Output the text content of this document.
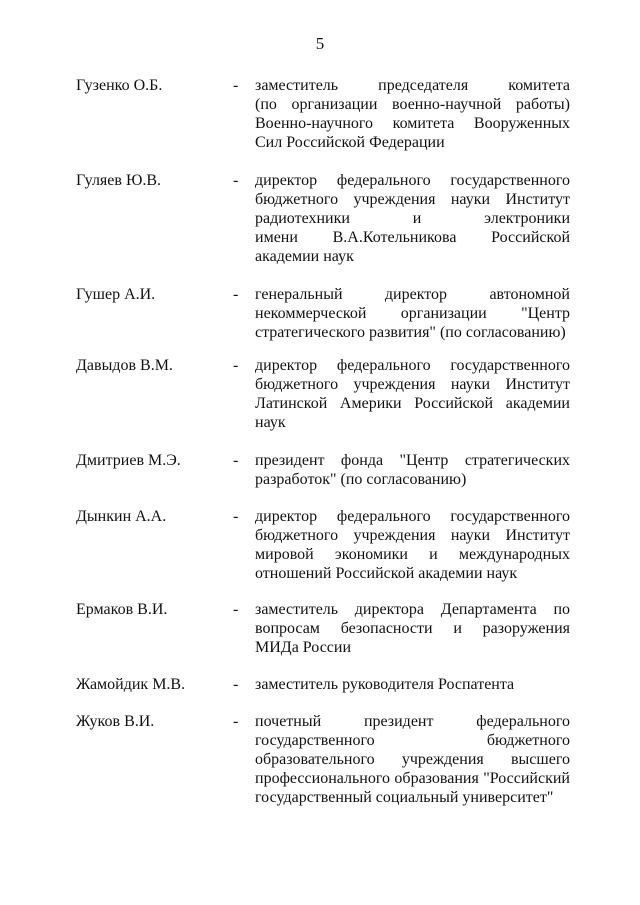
5
Гузенко О.Б.	- заместитель председателя комитета
(по организации военно-научной работы)
Военно-научного комитета Вооруженных
Сил Российской Федерации
Гуляев Ю.В.	- директор федерального государственного
бюджетного учреждения науки Институт
радиотехники и электроники
имени В.А.Котельникова Российской
академии наук
Гушер А.И.	- генеральный директор автономной
некоммерческой организации "Центр
стратегического развития" (по согласованию)
Давыдов В.М.	- директор федерального государственного
бюджетного учреждения науки Институт
Латинской Америки Российской академии
наук
Дмитриев М.Э.	- президент фонда "Центр стратегических
разработок" (по согласованию)
Дынкин А.А.	- директор федерального государственного
бюджетного учреждения науки Институт
мировой экономики и международных
отношений Российской академии наук
Ермаков В.И.	- заместитель директора Департамента по
вопросам безопасности и разоружения
МИДа России
Жамойдик М.В.	- заместитель руководителя Роспатента
Жуков В.И.	- почетный президент федерального
государственного бюджетного
образовательного учреждения высшего
профессионального образования "Российский
государственный социальный университет"
